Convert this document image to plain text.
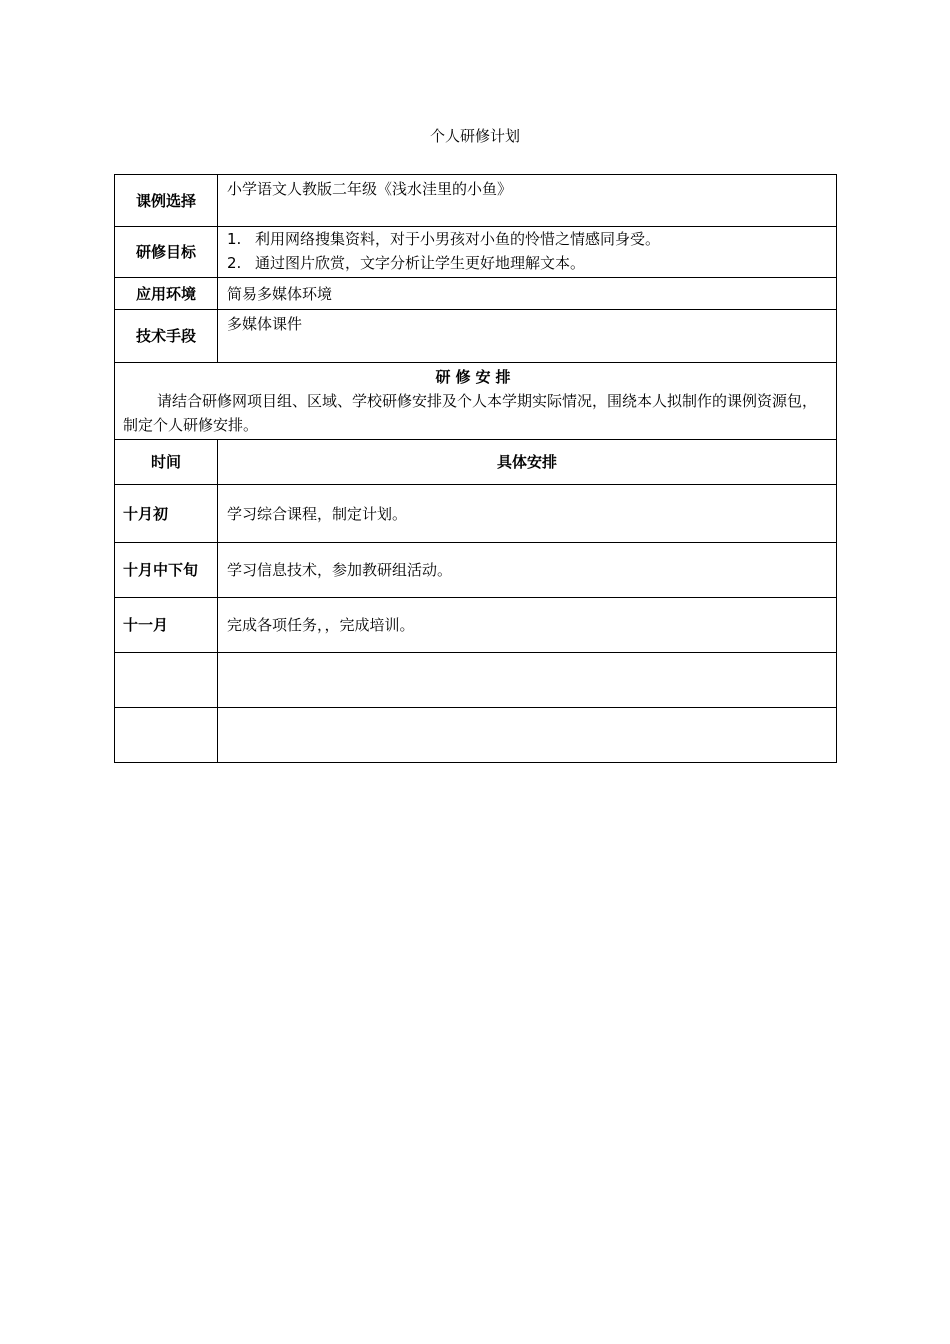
个人研修计划
课例选择	小学语文人教版二年级《浅水洼里的小鱼》
研修目标	1. 利用网络搜集资料，对于小男孩对小鱼的怜惜之情感同身受。
2. 通过图片欣赏，文字分析让学生更好地理解文本。

应用环境	简易多媒体环境
技术手段	多媒体课件

研修安排
请结合研修网项目组、区域、学校研修安排及个人本学期实际情况，围绕本人拟制作的课例资源包，制定个人研修安排。	

时间	具体安排
十月初	学习综合课程，制定计划。
十月中下旬	学习信息技术，参加教研组活动。
十一月	完成各项任务，，完成培训。
